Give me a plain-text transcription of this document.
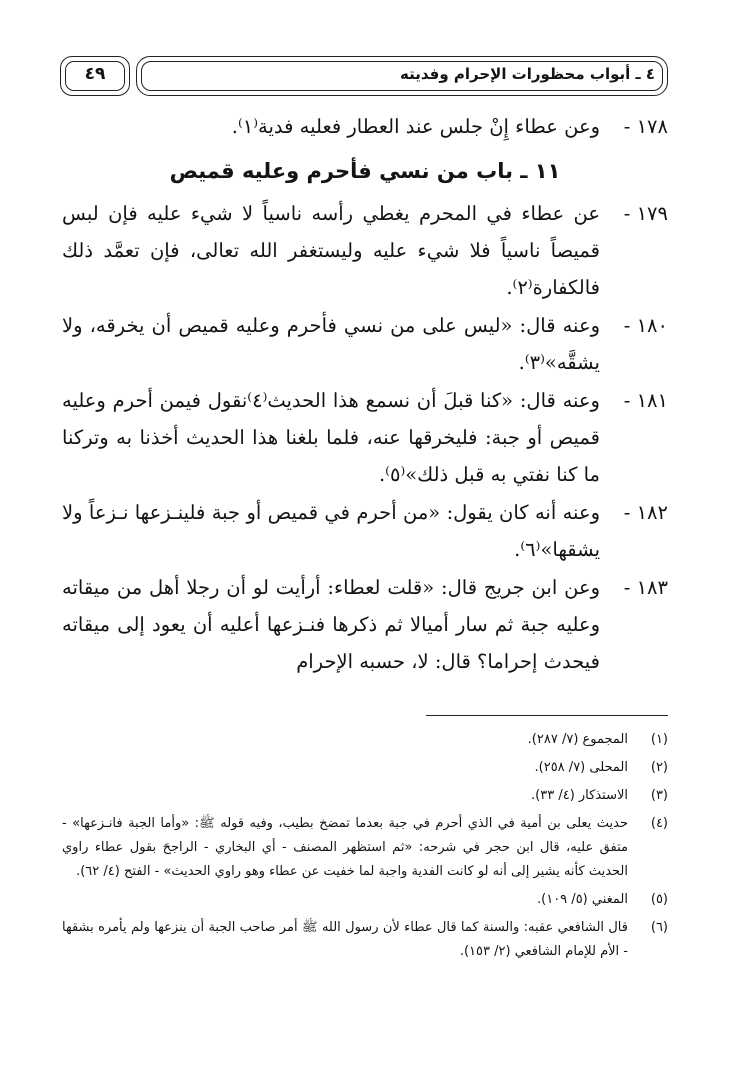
٤ ـ أبواب محظورات الإحرام وفديته
٤٩
١٧٨ -
وعن عطاء إِنْ جلس عند العطار فعليه فدية⁽١⁾.
١١ ـ باب من نسي فأحرم وعليه قميص
١٧٩ -
عن عطاء في المحرم يغطي رأسه ناسياً لا شيء عليه فإن لبس قميصاً ناسياً فلا شيء عليه وليستغفر الله تعالى، فإن تعمَّد ذلك فالكفارة⁽٢⁾.
١٨٠ -
وعنه قال: «ليس على من نسي فأحرم وعليه قميص أن يخرقه، ولا يشقَّه»⁽٣⁾.
١٨١ -
وعنه قال: «كنا قبلَ أن نسمع هذا الحديث⁽٤⁾نقول فيمن أحرم وعليه قميص أو جبة: فليخرقها عنه، فلما بلغنا هذا الحديث أخذنا به وتركنا ما كنا نفتي به قبل ذلك»⁽٥⁾.
١٨٢ -
وعنه أنه كان يقول: «من أحرم في قميص أو جبة فلينـزعها نـزعاً ولا يشقها»⁽٦⁾.
١٨٣ -
وعن ابن جريج قال: «قلت لعطاء: أرأيت لو أن رجلا أهل من ميقاته وعليه جبة ثم سار أميالا ثم ذكرها فنـزعها أعليه أن يعود إلى ميقاته فيحدث إحراما؟ قال: لا، حسبه الإحرام
(١)
المجموع (٧/ ٢٨٧).
(٢)
المحلى (٧/ ٢٥٨).
(٣)
الاستذكار (٤/ ٣٣).
(٤)
حديث يعلى بن أمية في الذي أحرم في جبة بعدما تمضخ بطيب، وفيه قوله ﷺ: «وأما الجبة فانـزعها» - متفق عليه، قال ابن حجر في شرحه: «ثم استظهر المصنف - أي البخاري - الراجحَ بقول عطاء راوي الحديث كأنه يشير إلى أنه لو كانت الفدية واجبة لما خفيت عن عطاء وهو راوي الحديث» - الفتح (٤/ ٦٢).
(٥)
المغني (٥/ ١٠٩).
(٦)
قال الشافعي عقبه: والسنة كما قال عطاء لأن رسول الله ﷺ أمر صاحب الجبة أن ينزعها ولم يأمره بشقها - الأم للإمام الشافعي (٢/ ١٥٣).
